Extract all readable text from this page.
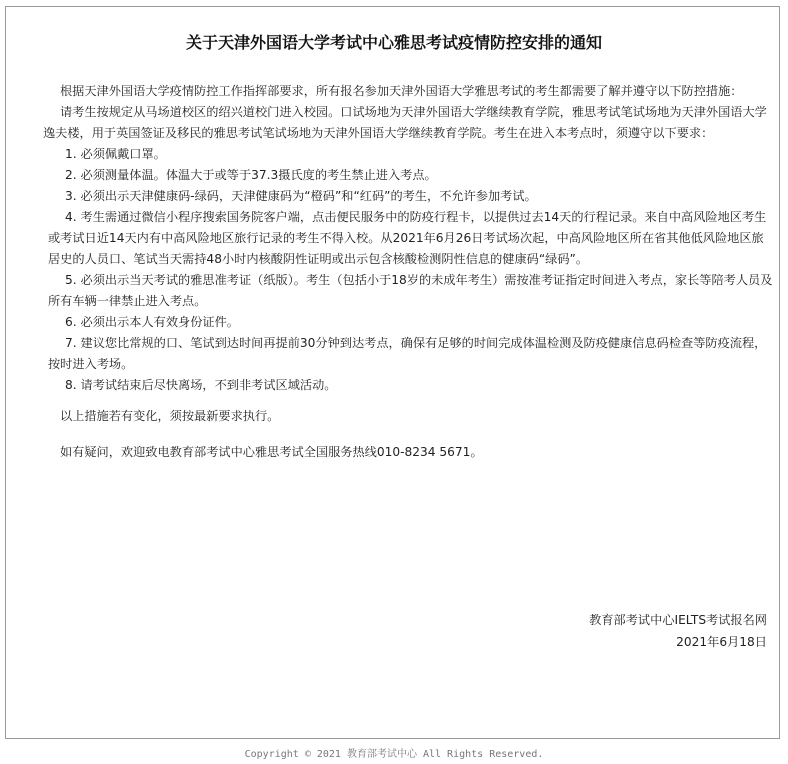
关于天津外国语大学考试中心雅思考试疫情防控安排的通知

根据天津外国语大学疫情防控工作指挥部要求，所有报名参加天津外国语大学雅思考试的考生都需要了解并遵守以下防控措施：

请考生按规定从马场道校区的绍兴道校门进入校园。口试场地为天津外国语大学继续教育学院，雅思考试笔试场地为天津外国语大学逸夫楼，用于英国签证及移民的雅思考试笔试场地为天津外国语大学继续教育学院。考生在进入本考点时，须遵守以下要求：

1. 必须佩戴口罩。

2. 必须测量体温。体温大于或等于37.3摄氏度的考生禁止进入考点。

3. 必须出示天津健康码-绿码，天津健康码为“橙码”和“红码”的考生，不允许参加考试。

4. 考生需通过微信小程序搜索国务院客户端，点击便民服务中的防疫行程卡，以提供过去14天的行程记录。来自中高风险地区考生或考试日近14天内有中高风险地区旅行记录的考生不得入校。从2021年6月26日考试场次起，中高风险地区所在省其他低风险地区旅居史的人员口、笔试当天需持48小时内核酸阴性证明或出示包含核酸检测阴性信息的健康码“绿码”。

5. 必须出示当天考试的雅思准考证（纸版）。考生（包括小于18岁的未成年考生）需按准考证指定时间进入考点，家长等陪考人员及所有车辆一律禁止进入考点。

6. 必须出示本人有效身份证件。

7. 建议您比常规的口、笔试到达时间再提前30分钟到达考点，确保有足够的时间完成体温检测及防疫健康信息码检查等防疫流程，按时进入考场。

8. 请考试结束后尽快离场，不到非考试区域活动。

以上措施若有变化，须按最新要求执行。

如有疑问，欢迎致电教育部考试中心雅思考试全国服务热线010-8234 5671。

教育部考试中心IELTS考试报名网
2021年6月18日
Copyright © 2021 教育部考试中心 All Rights Reserved.
